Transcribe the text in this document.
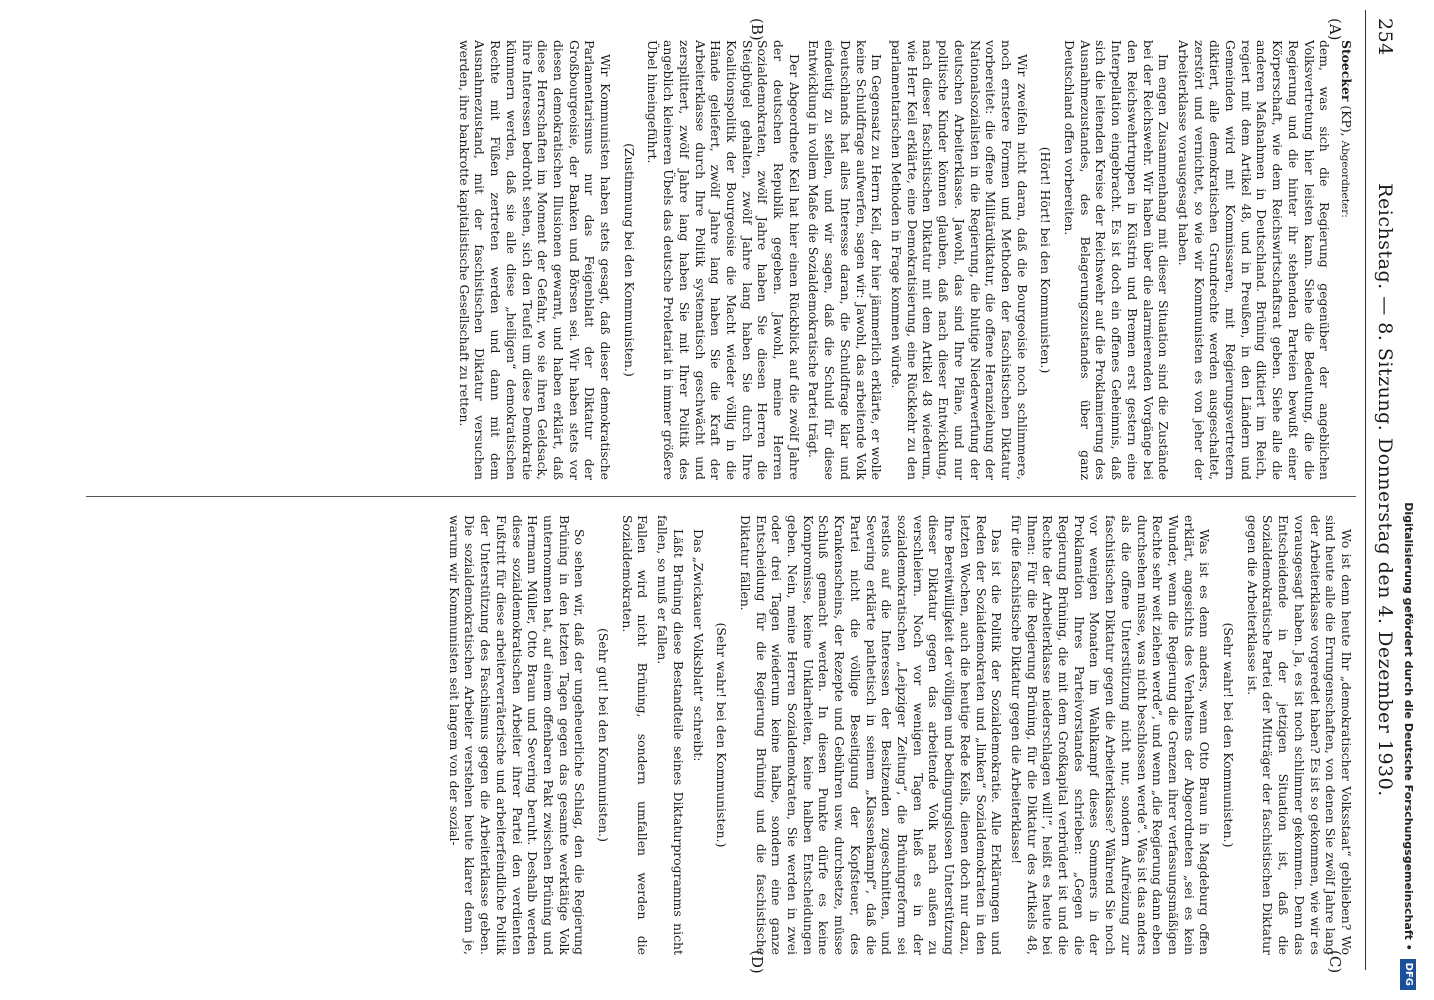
254
Reichstag. — 8. Sitzung. Donnerstag den 4. Dezember 1930.
(A)
(B)
(C)
(D)

Stoecker (KP), Abgeordneter:

dem, was sich die Regierung gegenüber der angeblichen Volksvertretung hier leisten kann. Siehe die Bedeutung, die die Regierung und die hinter ihr stehenden Parteien bewußt einer Körperschaft, wie dem Reichswirtschaftsrat geben. Siehe alle die anderen Maßnahmen in Deutschland. Brüning diktiert im Reich, regiert mit dem Artikel 48, und in Preußen, in den Ländern und Gemeinden wird mit Kommissaren, mit Regierungsvertretern diktiert, alle demokratischen Grundrechte werden ausgeschaltet, zerstört und vernichtet, so wie wir Kommunisten es von jeher der Arbeiterklasse vorausgesagt haben.

Im engen Zusammenhang mit dieser Situation sind die Zustände bei der Reichswehr. Wir haben über die alarmierenden Vorgänge bei den Reichswehrtruppen in Küstrin und Bremen erst gestern eine Interpellation eingebracht. Es ist doch ein offenes Geheimnis, daß sich die leitenden Kreise der Reichswehr auf die Proklamierung des Ausnahmezustandes, des Belagerungszustandes über ganz Deutschland offen vorbereiten.

(Hört! Hört! bei den Kommunisten.)

Wir zweifeln nicht daran, daß die Bourgeoisie noch schlimmere, noch ernstere Formen und Methoden der faschistischen Diktatur vorbereitet: die offene Militärdiktatur, die offene Heranziehung der Nationalsozialisten in die Regierung, die blutige Niederwerfung der deutschen Arbeiterklasse. Jawohl, das sind Ihre Pläne, und nur politische Kinder können glauben, daß nach dieser Entwicklung, nach dieser faschistischen Diktatur mit dem Artikel 48 wiederum, wie Herr Keil erklärte, eine Demokratisierung, eine Rückkehr zu den parlamentarischen Methoden in Frage kommen würde.

Im Gegensatz zu Herrn Keil, der hier jämmerlich erklärte, er wolle keine Schuldfrage aufwerfen, sagen wir: Jawohl, das arbeitende Volk Deutschlands hat alles Interesse daran, die Schuldfrage klar und eindeutig zu stellen, und wir sagen, daß die Schuld für diese Entwicklung in vollem Maße die Sozialdemokratische Partei trägt.

Der Abgeordnete Keil hat hier einen Rückblick auf die zwölf Jahre der deutschen Republik gegeben. Jawohl, meine Herren Sozialdemokraten, zwölf Jahre haben Sie diesen Herren die Steigbügel gehalten, zwölf Jahre lang haben Sie durch Ihre Koalitionspolitik der Bourgeoisie die Macht wieder völlig in die Hände geliefert, zwölf Jahre lang haben Sie die Kraft der Arbeiterklasse durch Ihre Politik systematisch geschwächt und zersplittert, zwölf Jahre lang haben Sie mit Ihrer Politik des angeblich kleineren Übels das deutsche Proletariat in immer größere Übel hineingeführt.

(Zustimmung bei den Kommunisten.)

Wir Kommunisten haben stets gesagt, daß dieser demokratische Parlamentarismus nur das Feigenblatt der Diktatur der Großbourgeoisie, der Banken und Börsen sei. Wir haben stets vor diesen demokratischen Illusionen gewarnt, und haben erklärt, daß diese Herrschaften im Moment der Gefahr, wo sie ihren Geldsack, ihre Interessen bedroht sehen, sich den Teufel um diese Demokratie kümmern werden, daß sie alle diese „heiligen“ demokratischen Rechte mit Füßen zertreten werden und dann mit dem Ausnahmezustand, mit der faschistischen Diktatur versuchen werden, ihre bankrotte kapitalistische Gesellschaft zu retten.

Wo ist denn heute Ihr „demokratischer Volksstaat“ geblieben? Wo sind heute alle die Errungenschaften, von denen Sie zwölf Jahre lang der Arbeiterklasse vorgeredet haben? Es ist so gekommen, wie wir es vorausgesagt haben. Ja, es ist noch schlimmer gekommen. Denn das Entscheidende in der jetzigen Situation ist, daß die Sozialdemokratische Partei der Mitträger der faschistischen Diktatur gegen die Arbeiterklasse ist.

(Sehr wahr! bei den Kommunisten.)

Was ist es denn anders, wenn Otto Braun in Magdeburg offen erklärt, angesichts des Verhaltens der Abgeordneten „sei es kein Wunder, wenn die Regierung die Grenzen ihrer verfassungsmäßigen Rechte sehr weit ziehen werde“, und wenn „die Regierung dann eben durchsehen müsse, was nicht beschlossen werde“. Was ist das anders als die offene Unterstützung nicht nur, sondern Aufreizung zur faschistischen Diktatur gegen die Arbeiterklasse? Während Sie noch vor wenigen Monaten im Wahlkampf dieses Sommers in der Proklamation Ihres Parteivorstandes schrieben: „Gegen die Regierung Brüning, die mit dem Großkapital verbrüdert ist und die Rechte der Arbeiterklasse niederschlagen will!“, heißt es heute bei Ihnen: Für die Regierung Brüning, für die Diktatur des Artikels 48, für die faschistische Diktatur gegen die Arbeiterklasse!

Das ist die Politik der Sozialdemokratie. Alle Erklärungen und Reden der Sozialdemokraten und „linken“ Sozialdemokraten in den letzten Wochen, auch die heutige Rede Keils, dienen doch nur dazu, Ihre Bereitwilligkeit der völligen und bedingungslosen Unterstützung dieser Diktatur gegen das arbeitende Volk nach außen zu verschleiern. Noch vor wenigen Tagen hieß es in der sozialdemokratischen „Leipziger Zeitung“, die Brüningreform sei restlos auf die Interessen der Besitzenden zugeschnitten, und Severing erklärte pathetisch in seinem „Klassenkampf“, daß die Partei nicht die völlige Beseitigung der Kopfsteuer, des Krankenscheins, der Rezepte und Gebühren usw. durchsetze, müsse Schluß gemacht werden. In diesen Punkte dürfe es keine Kompromisse, keine Unklarheiten, keine halben Entscheidungen geben. Nein, meine Herren Sozialdemokraten, Sie werden in zwei oder drei Tagen wiederum keine halbe, sondern eine ganze Entscheidung für die Regierung Brüning und die faschistische Diktatur fällen.

(Sehr wahr! bei den Kommunisten.)

Das „Zwickauer Volksblatt“ schreibt:

Läßt Brüning diese Bestandteile seines Diktaturprogramms nicht fallen, so muß er fallen.

Fallen wird nicht Brüning, sondern umfallen werden die Sozialdemokraten.

(Sehr gut! bei den Kommunisten.)

So sehen wir, daß der ungeheuerliche Schlag, den die Regierung Brüning in den letzten Tagen gegen das gesamte werktätige Volk unternommen hat, auf einem offenbaren Pakt zwischen Brüning und Hermann Müller, Otto Braun und Severing beruht. Deshalb werden diese sozialdemokratischen Arbeiter ihrer Partei den verdienten Fußtritt für diese arbeiterverräterische und arbeiterfeindliche Politik der Unterstützung des Faschismus gegen die Arbeiterklasse geben. Die sozialdemokratischen Arbeiter verstehen heute klarer denn je, warum wir Kommunisten seit langem von der sozial-	Digitalisierung gefördert durch die Deutsche Forschungsgemeinschaft • DFG
